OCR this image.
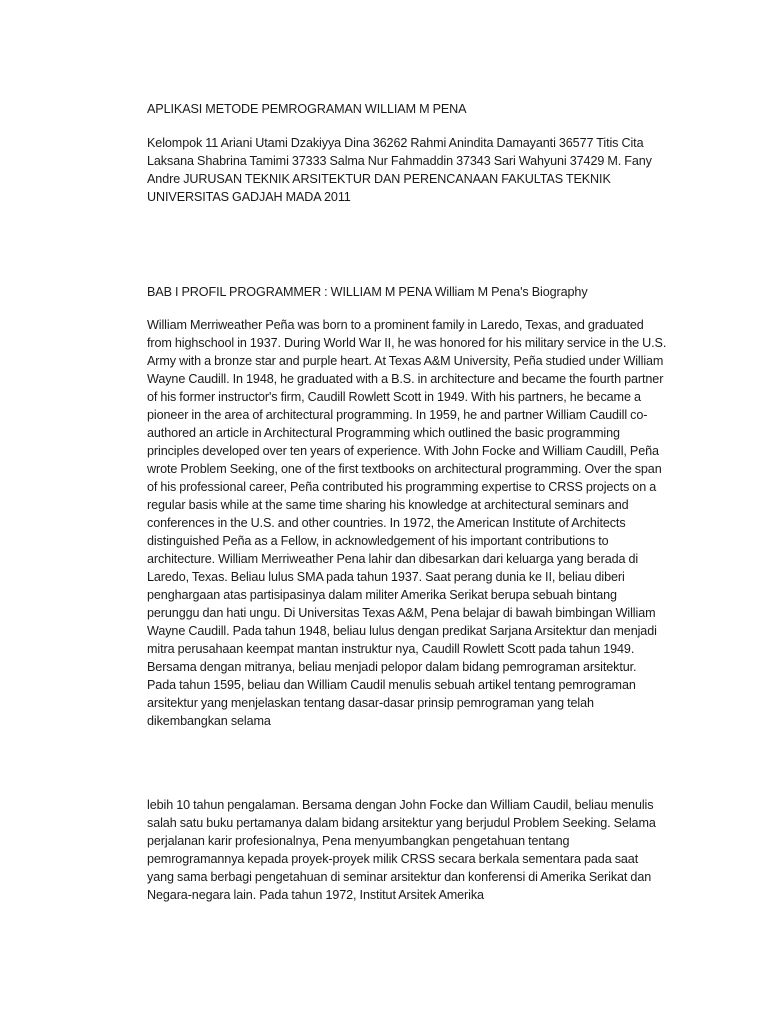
APLIKASI METODE PEMROGRAMAN WILLIAM M PENA

Kelompok 11 Ariani Utami Dzakiyya Dina 36262 Rahmi Anindita Damayanti 36577 Titis Cita Laksana Shabrina Tamimi 37333 Salma Nur Fahmaddin 37343 Sari Wahyuni 37429 M. Fany Andre JURUSAN TEKNIK ARSITEKTUR DAN PERENCANAAN FAKULTAS TEKNIK UNIVERSITAS GADJAH MADA 2011

BAB I PROFIL PROGRAMMER : WILLIAM M PENA William M Pena's Biography

William Merriweather Peña was born to a prominent family in Laredo, Texas, and graduated from highschool in 1937. During World War II, he was honored for his military service in the U.S. Army with a bronze star and purple heart. At Texas A&M University, Peña studied under William Wayne Caudill. In 1948, he graduated with a B.S. in architecture and became the fourth partner of his former instructor's firm, Caudill Rowlett Scott in 1949. With his partners, he became a pioneer in the area of architectural programming. In 1959, he and partner William Caudill co-authored an article in Architectural Programming which outlined the basic programming principles developed over ten years of experience. With John Focke and William Caudill, Peña wrote Problem Seeking, one of the first textbooks on architectural programming. Over the span of his professional career, Peña contributed his programming expertise to CRSS projects on a regular basis while at the same time sharing his knowledge at architectural seminars and conferences in the U.S. and other countries. In 1972, the American Institute of Architects distinguished Peña as a Fellow, in acknowledgement of his important contributions to architecture. William Merriweather Pena lahir dan dibesarkan dari keluarga yang berada di Laredo, Texas. Beliau lulus SMA pada tahun 1937. Saat perang dunia ke II, beliau diberi penghargaan atas partisipasinya dalam militer Amerika Serikat berupa sebuah bintang perunggu dan hati ungu. Di Universitas Texas A&M, Pena belajar di bawah bimbingan William Wayne Caudill. Pada tahun 1948, beliau lulus dengan predikat Sarjana Arsitektur dan menjadi mitra perusahaan keempat mantan instruktur nya, Caudill Rowlett Scott pada tahun 1949. Bersama dengan mitranya, beliau menjadi pelopor dalam bidang pemrograman arsitektur. Pada tahun 1595, beliau dan William Caudil menulis sebuah artikel tentang pemrograman arsitektur yang menjelaskan tentang dasar-dasar prinsip pemrograman yang telah dikembangkan selama

lebih 10 tahun pengalaman. Bersama dengan John Focke dan William Caudil, beliau menulis salah satu buku pertamanya dalam bidang arsitektur yang berjudul Problem Seeking. Selama perjalanan karir profesionalnya, Pena menyumbangkan pengetahuan tentang pemrogramannya kepada proyek-proyek milik CRSS secara berkala sementara pada saat yang sama berbagi pengetahuan di seminar arsitektur dan konferensi di Amerika Serikat dan Negara-negara lain. Pada tahun 1972, Institut Arsitek Amerika
